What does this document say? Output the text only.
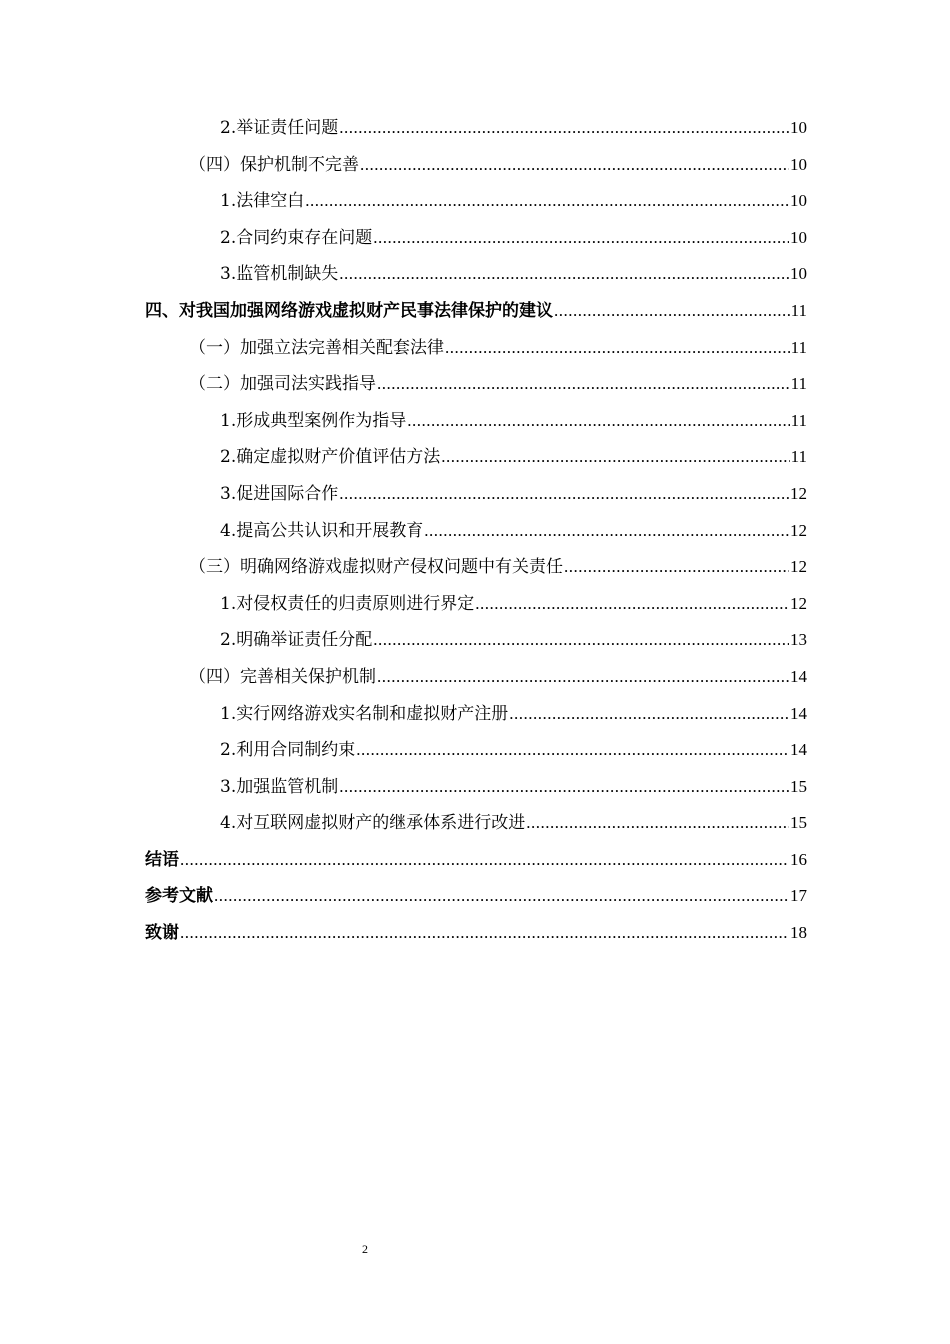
2.举证责任问题 .....	10
（四）保护机制不完善 .....	10
1.法律空白 .....	10
2.合同约束存在问题 .....	10
3.监管机制缺失 .....	10
四、对我国加强网络游戏虚拟财产民事法律保护的建议 .....	11
（一）加强立法完善相关配套法律 .....	11
（二）加强司法实践指导 .....	11
1.形成典型案例作为指导 .....	11
2.确定虚拟财产价值评估方法 .....	11
3.促进国际合作 .....	12
4.提高公共认识和开展教育 .....	12
（三）明确网络游戏虚拟财产侵权问题中有关责任 .....	12
1.对侵权责任的归责原则进行界定 .....	12
2.明确举证责任分配 .....	13
（四）完善相关保护机制 .....	14
1.实行网络游戏实名制和虚拟财产注册 .....	14
2.利用合同制约束 .....	14
3.加强监管机制 .....	15
4.对互联网虚拟财产的继承体系进行改进 .....	15
结语 .....	16
参考文献 .....	17
致谢 .....	18
2
